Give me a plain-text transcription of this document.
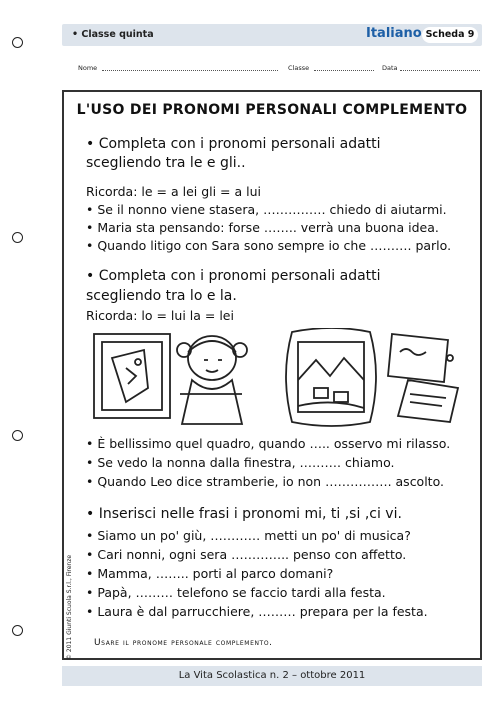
• Classe quinta	Italiano Scheda 9
Nome	Classe	Data
L'USO DEI PRONOMI PERSONALI COMPLEMENTO
• Completa con i pronomi personali adatti
scegliendo tra le e gli..
Ricorda: le = a lei gli = a lui
• Se il nonno viene stasera, …………… chiedo di aiutarmi.
• Maria sta pensando: forse …….. verrà una buona idea.
• Quando litigo con Sara sono sempre io che ………. parlo.
• Completa con i pronomi personali adatti
scegliendo tra lo e la.
Ricorda: lo = lui la = lei
• È bellissimo quel quadro, quando ….. osservo mi rilasso.
• Se vedo la nonna dalla finestra, ………. chiamo.
• Quando Leo dice stramberie, io non ……………. ascolto.
• Inserisci nelle frasi i pronomi mi, ti ,si ,ci vi.
• Siamo un po' giù, ………… metti un po' di musica?
• Cari nonni, ogni sera ………….. penso con affetto.
• Mamma, …….. porti al parco domani?
• Papà, ……… telefono se faccio tardi alla festa.
• Laura è dal parrucchiere, ……… prepara per la festa.
Usare il pronome personale complemento.
© 2011 Giunti Scuola S.r.l., Firenze
La Vita Scolastica n. 2 – ottobre 2011
